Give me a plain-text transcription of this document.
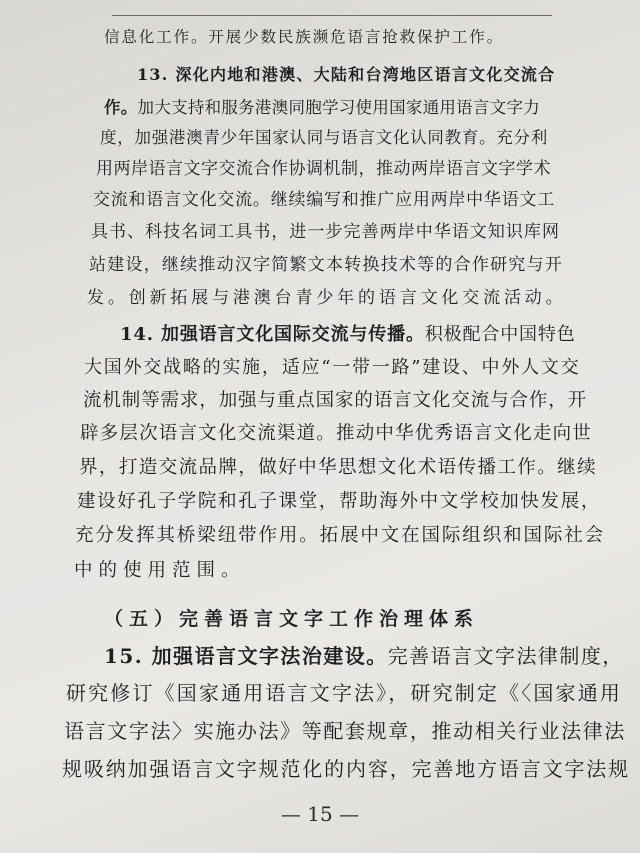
信息化工作。开展少数民族濒危语言抢救保护工作。
13. 深化内地和港澳、大陆和台湾地区语言文化交流合
作。加大支持和服务港澳同胞学习使用国家通用语言文字力
度，加强港澳青少年国家认同与语言文化认同教育。充分利
用两岸语言文字交流合作协调机制，推动两岸语言文字学术
交流和语言文化交流。继续编写和推广应用两岸中华语文工
具书、科技名词工具书，进一步完善两岸中华语文知识库网
站建设，继续推动汉字简繁文本转换技术等的合作研究与开
发。创新拓展与港澳台青少年的语言文化交流活动。
14. 加强语言文化国际交流与传播。积极配合中国特色
大国外交战略的实施，适应“一带一路”建设、中外人文交
流机制等需求，加强与重点国家的语言文化交流与合作，开
辟多层次语言文化交流渠道。推动中华优秀语言文化走向世
界，打造交流品牌，做好中华思想文化术语传播工作。继续
建设好孔子学院和孔子课堂，帮助海外中文学校加快发展，
充分发挥其桥梁纽带作用。拓展中文在国际组织和国际社会
中的使用范围。
（五）完善语言文字工作治理体系
15. 加强语言文字法治建设。完善语言文字法律制度，
研究修订《国家通用语言文字法》，研究制定《〈国家通用
语言文字法〉实施办法》等配套规章，推动相关行业法律法
规吸纳加强语言文字规范化的内容，完善地方语言文字法规
— 15 —
